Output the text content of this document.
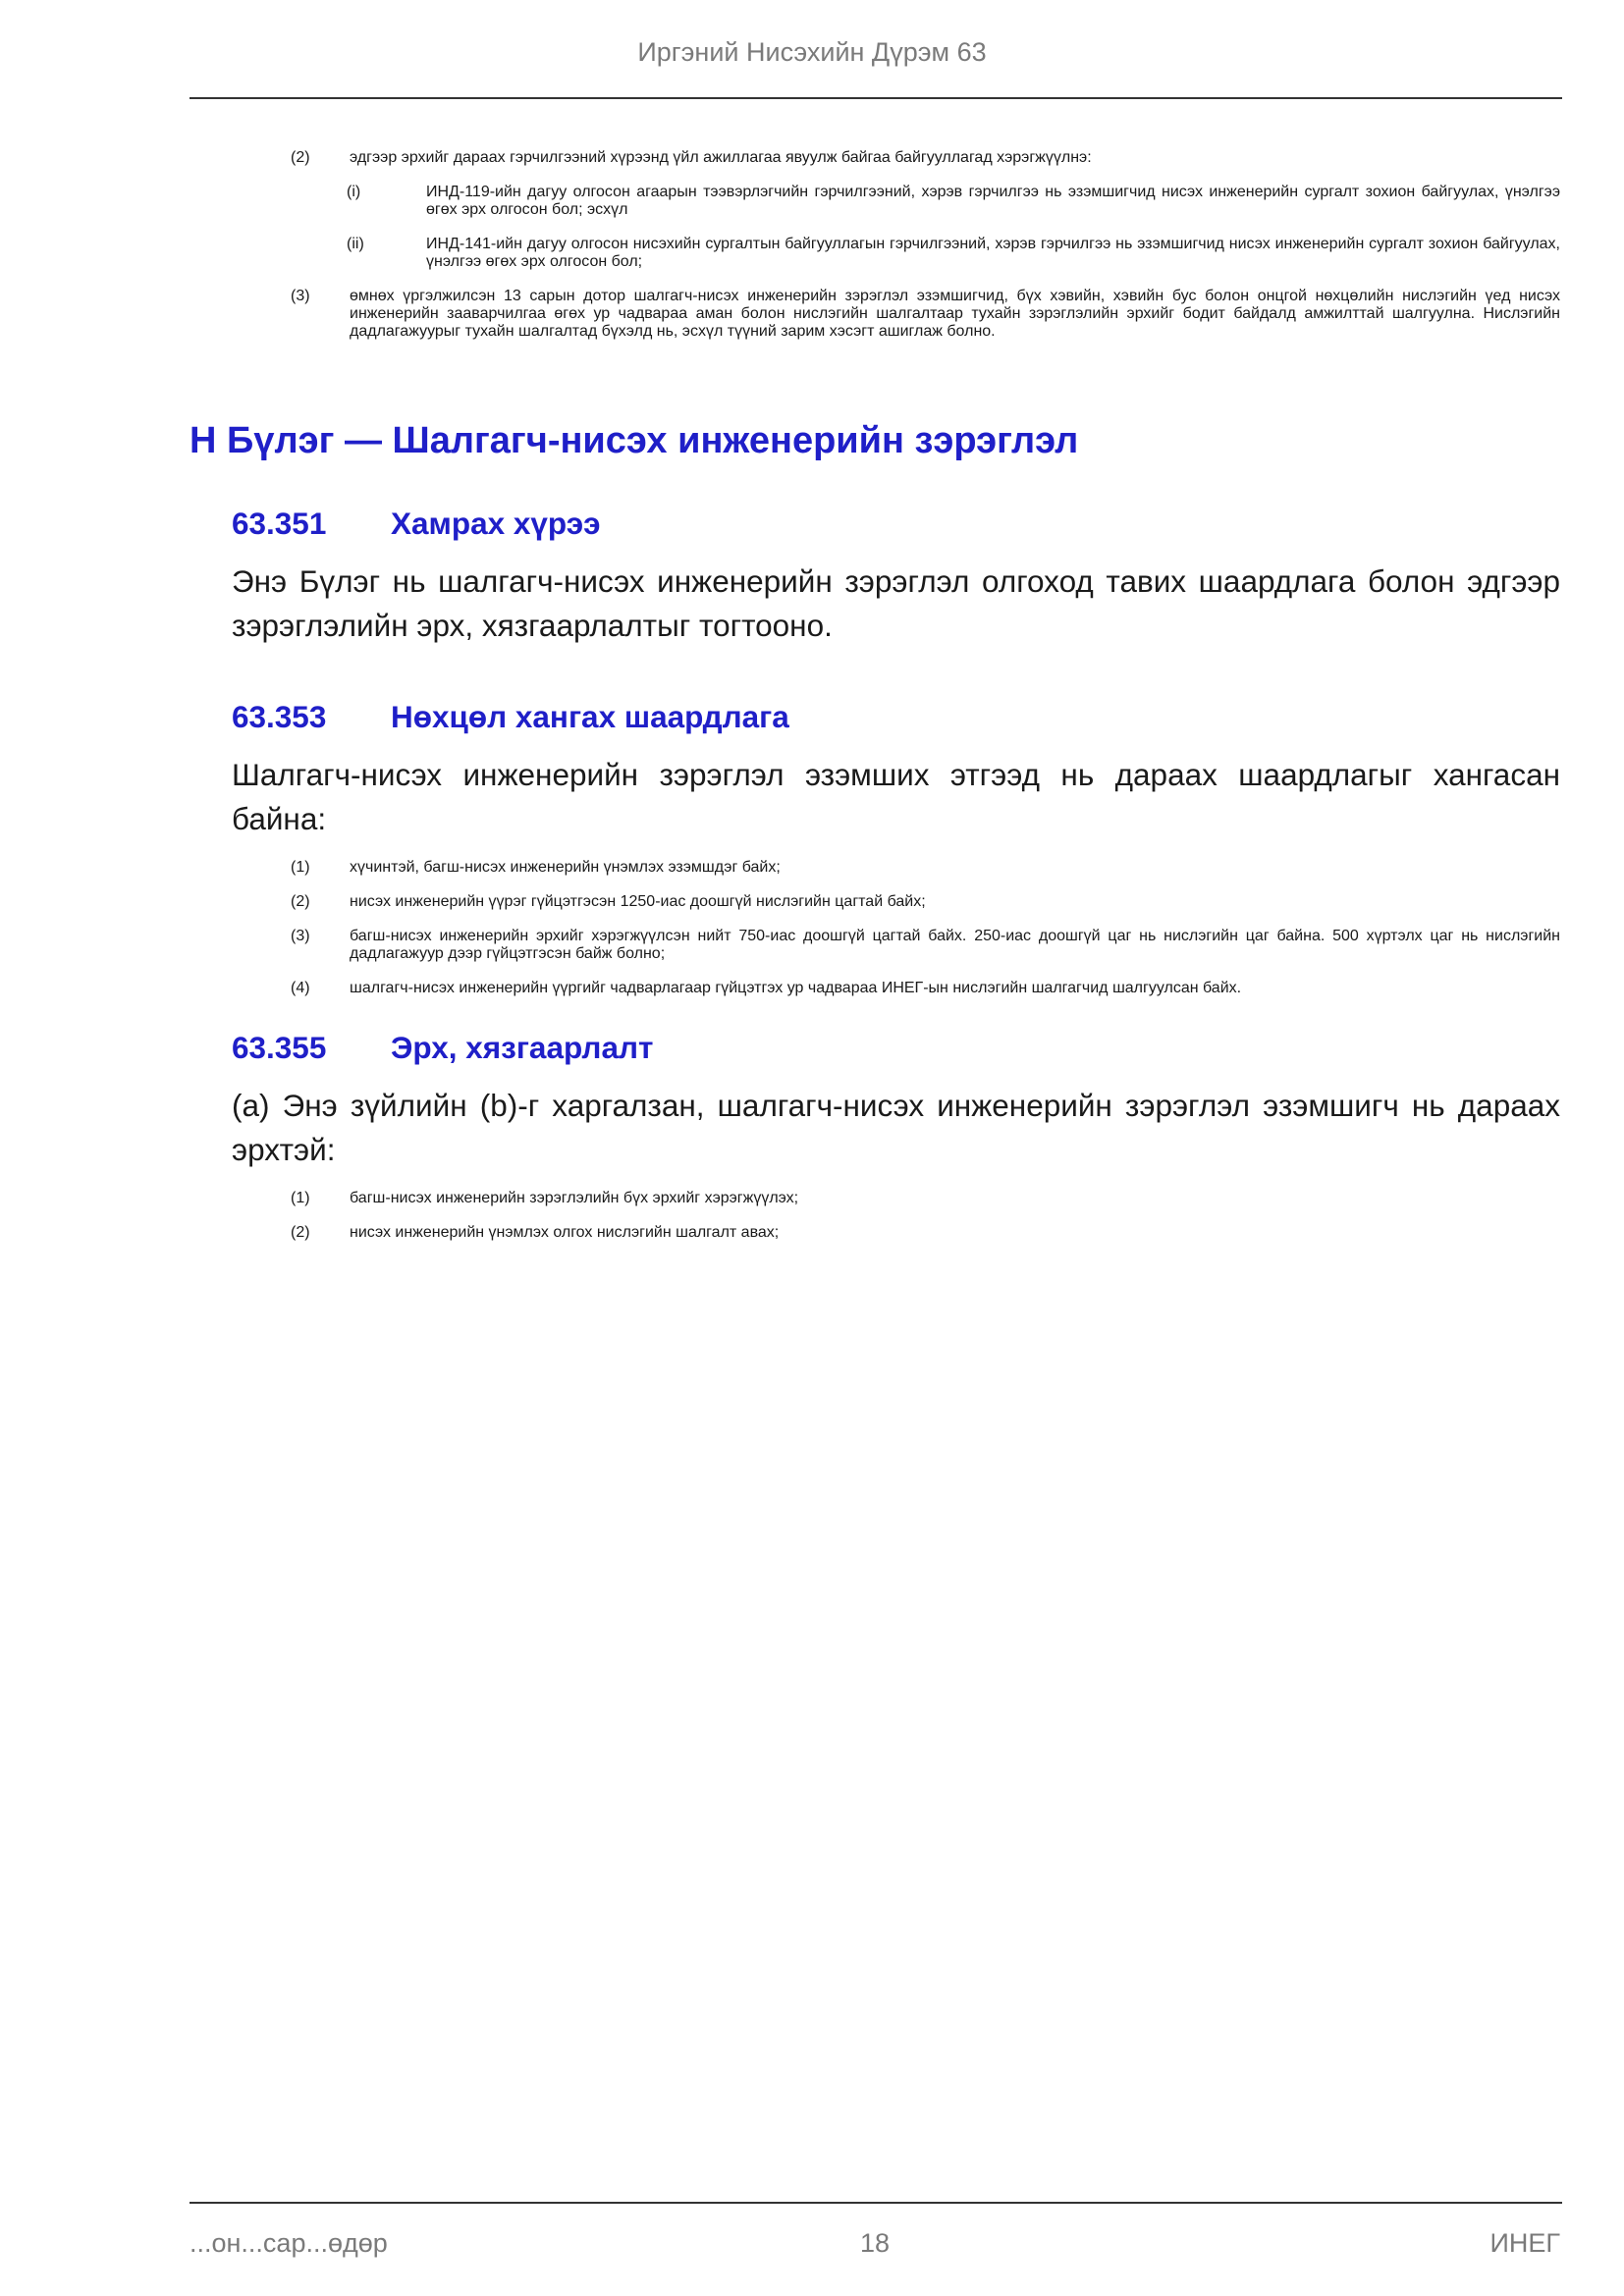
Иргэний Нисэхийн Дүрэм 63
(2)	эдгээр эрхийг дараах гэрчилгээний хүрээнд үйл ажиллагаа явуулж байгаа байгууллагад хэрэгжүүлнэ:
(i)	ИНД-119-ийн дагуу олгосон агаарын тээвэрлэгчийн гэрчилгээний, хэрэв гэрчилгээ нь эзэмшигчид нисэх инженерийн сургалт зохион байгуулах, үнэлгээ өгөх эрх олгосон бол; эсхүл
(ii)	ИНД-141-ийн дагуу олгосон нисэхийн сургалтын байгууллагын гэрчилгээний, хэрэв гэрчилгээ нь эзэмшигчид нисэх инженерийн сургалт зохион байгуулах, үнэлгээ өгөх эрх олгосон бол;
(3)	өмнөх үргэлжилсэн 13 сарын дотор шалгагч-нисэх инженерийн зэрэглэл эзэмшигчид, бүх хэвийн, хэвийн бус болон онцгой нөхцөлийн нислэгийн үед нисэх инженерийн зааварчилгаа өгөх ур чадвараа аман болон нислэгийн шалгалтаар тухайн зэрэглэлийн эрхийг бодит байдалд амжилттай шалгуулна. Нислэгийн дадлагажуурыг тухайн шалгалтад бүхэлд нь, эсхүл түүний зарим хэсэгт ашиглаж болно.
Н Бүлэг — Шалгагч-нисэх инженерийн зэрэглэл
63.351	Хамрах хүрээ

Энэ Бүлэг нь шалгагч-нисэх инженерийн зэрэглэл олгоход тавих шаардлага болон эдгээр зэрэглэлийн эрх, хязгаарлалтыг тогтооно.

63.353	Нөхцөл хангах шаардлага

Шалгагч-нисэх инженерийн зэрэглэл эзэмших этгээд нь дараах шаардлагыг хангасан байна:

(1)	хүчинтэй, багш-нисэх инженерийн үнэмлэх эзэмшдэг байх;
(2)	нисэх инженерийн үүрэг гүйцэтгэсэн 1250-иас доошгүй нислэгийн цагтай байх;
(3)	багш-нисэх инженерийн эрхийг хэрэгжүүлсэн нийт 750-иас доошгүй цагтай байх. 250-иас доошгүй цаг нь нислэгийн цаг байна. 500 хүртэлх цаг нь нислэгийн дадлагажуур дээр гүйцэтгэсэн байж болно;
(4)	шалгагч-нисэх инженерийн үүргийг чадварлагаар гүйцэтгэх ур чадвараа ИНЕГ-ын нислэгийн шалгагчид шалгуулсан байх.
63.355	Эрх, хязгаарлалт

(a) Энэ зүйлийн (b)-г харгалзан, шалгагч-нисэх инженерийн зэрэглэл эзэмшигч нь дараах эрхтэй:

(1)	багш-нисэх инженерийн зэрэглэлийн бүх эрхийг хэрэгжүүлэх;
(2)	нисэх инженерийн үнэмлэх олгох нислэгийн шалгалт авах;
...он...сар...өдөр	18	ИНЕГ
